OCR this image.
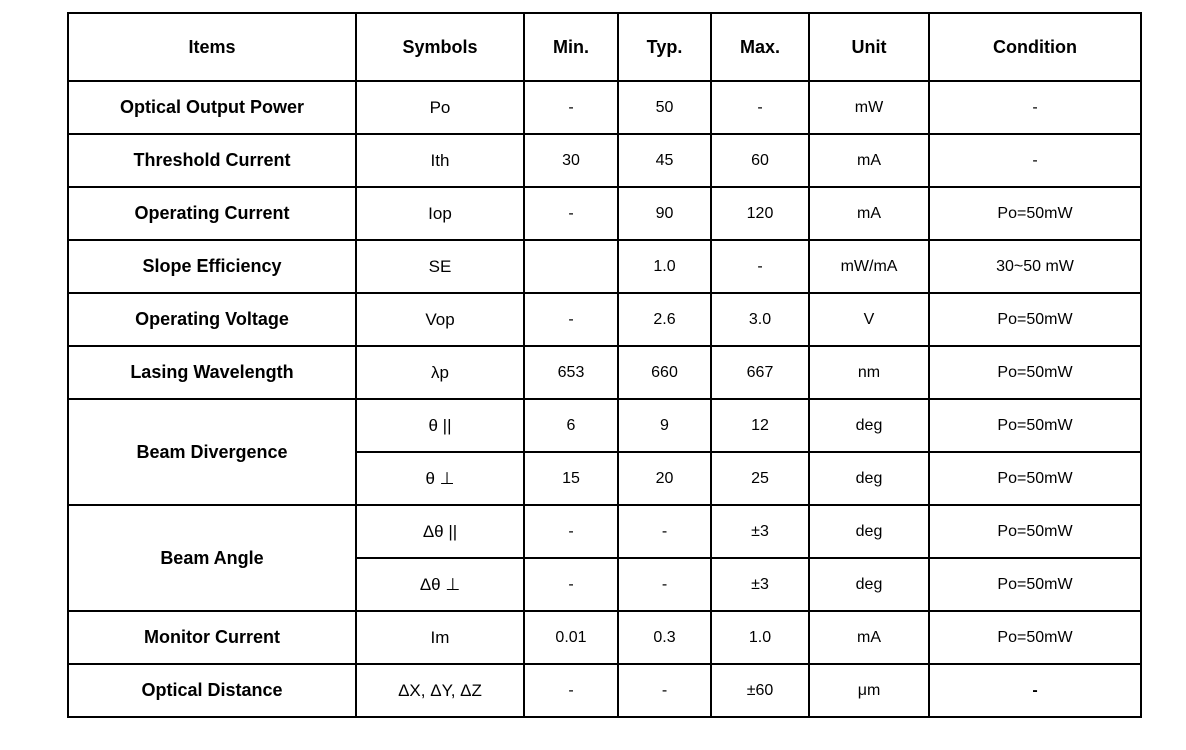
Items	Symbols	Min.	Typ.	Max.	Unit	Condition
Optical Output Power	Po	-	50	-	mW	-
Threshold Current	Ith	30	45	60	mA	-
Operating Current	Iop	-	90	120	mA	Po=50mW
Slope Efficiency	SE		1.0	-	mW/mA	30~50 mW
Operating Voltage	Vop	-	2.6	3.0	V	Po=50mW
Lasing Wavelength	λp	653	660	667	nm	Po=50mW
Beam Divergence	θ ||	6	9	12	deg	Po=50mW
	θ ⊥	15	20	25	deg	Po=50mW
Beam Angle	Δθ ||	-	-	±3	deg	Po=50mW
	Δθ ⊥	-	-	±3	deg	Po=50mW
Monitor Current	Im	0.01	0.3	1.0	mA	Po=50mW
Optical Distance	ΔX, ΔY, ΔZ	-	-	±60	μm	-
